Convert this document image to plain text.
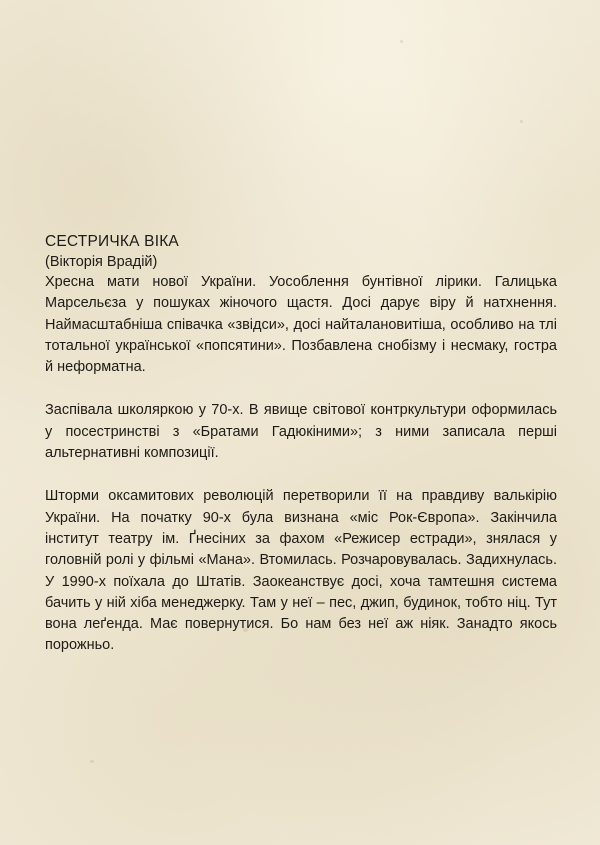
СЕСТРИЧКА ВІКА

(Вікторія Врадій)

Хресна мати нової України. Уособлення бунтівної лірики. Галицька Марсельєза у пошуках жіночого щастя. Досі дарує віру й натхнення. Наймасштабніша співачка «звідси», досі найталановитіша, особливо на тлі тотальної української «попсятини». Позбавлена снобізму і несмаку, гостра й неформатна.

Заспівала школяркою у 70-х. В явище світової контркультури оформилась у посестринстві з «Братами Гадюкіними»; з ними записала перші альтернативні композиції.

Шторми оксамитових революцій перетворили її на правдиву валькірію України. На початку 90-х була визнана «міс Рок-Європа». Закінчила інститут театру ім. Ґнесіних за фахом «Режисер естради», знялася у головній ролі у фільмі «Мана». Втомилась. Розчаровувалась. Задихнулась. У 1990-х поїхала до Штатів. Заокеанствує досі, хоча тамтешня система бачить у ній хіба менеджерку. Там у неї – пес, джип, будинок, тобто ніц. Тут вона леґенда. Має повернутися. Бо нам без неї аж ніяк. Занадто якось порожньо.
